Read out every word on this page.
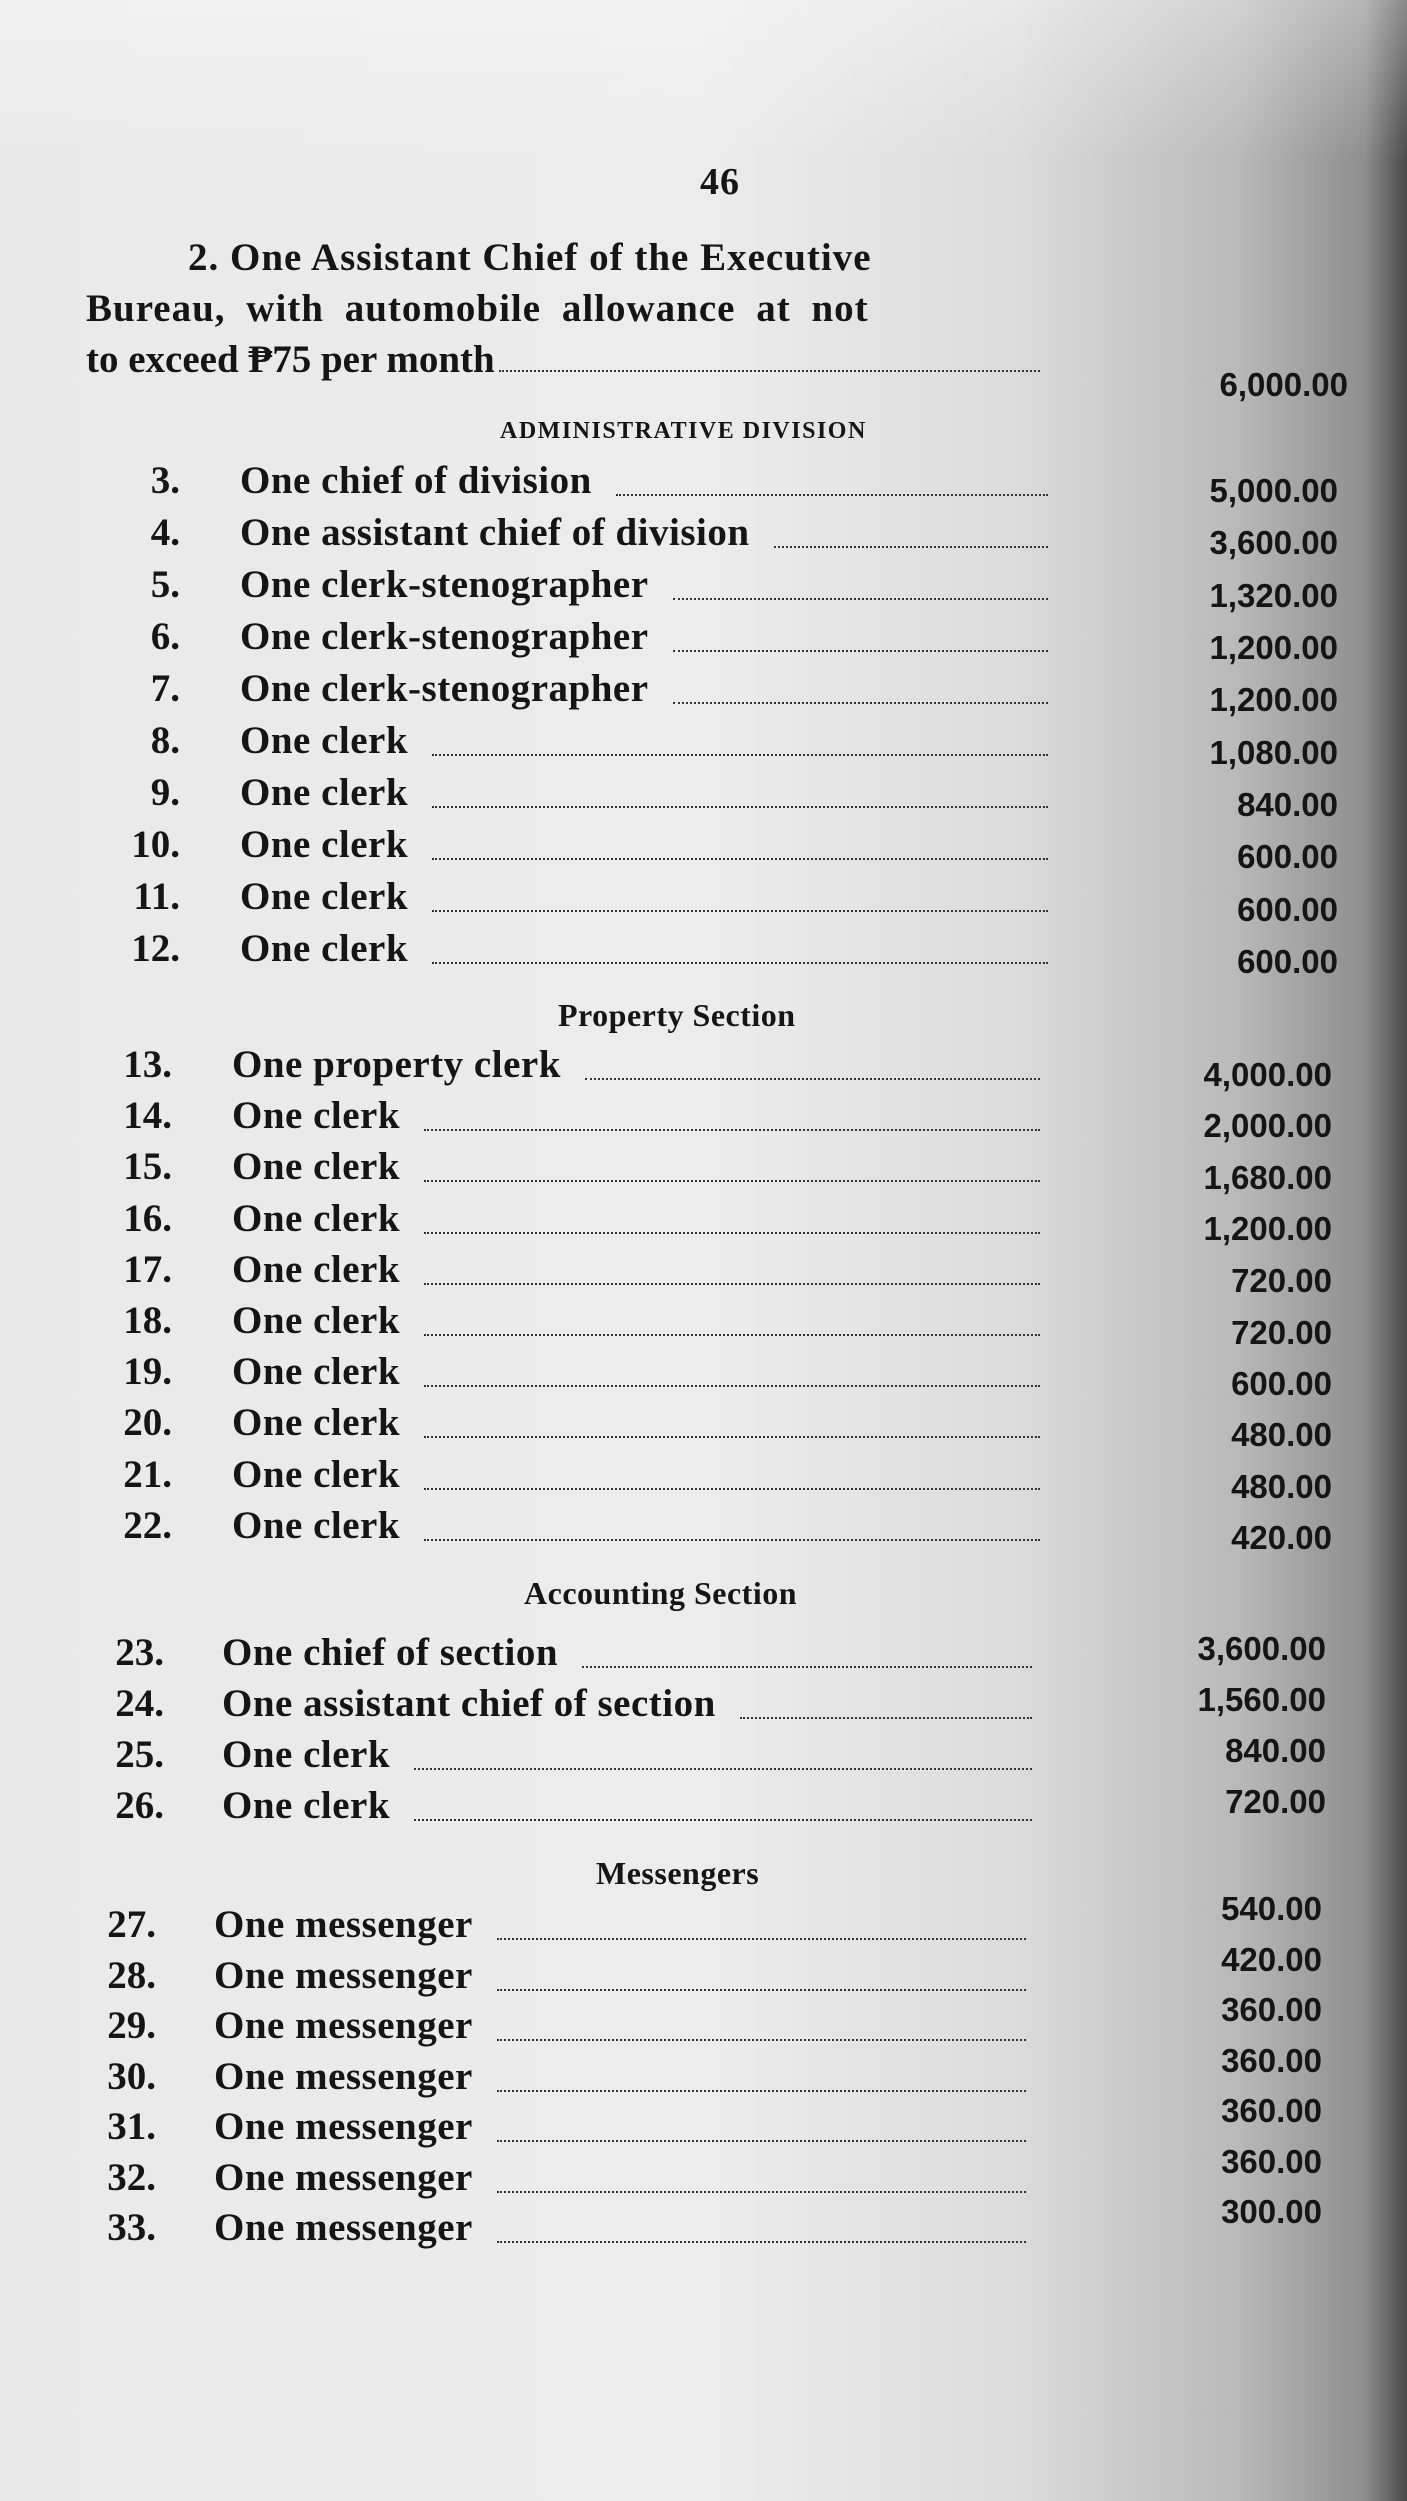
46
2. One Assistant Chief of the Executive
Bureau, with automobile allowance at not
to exceed ₱75 per month
6,000.00
ADMINISTRATIVE DIVISION
3. One chief of division	5,000.00
4. One assistant chief of division	3,600.00
5. One clerk-stenographer	1,320.00
6. One clerk-stenographer	1,200.00
7. One clerk-stenographer	1,200.00
8. One clerk	1,080.00
9. One clerk	840.00
10. One clerk	600.00
11. One clerk	600.00
12. One clerk	600.00
Property Section
13. One property clerk	4,000.00
14. One clerk	2,000.00
15. One clerk	1,680.00
16. One clerk	1,200.00
17. One clerk	720.00
18. One clerk	720.00
19. One clerk	600.00
20. One clerk	480.00
21. One clerk	480.00
22. One clerk	420.00
Accounting Section
23. One chief of section	3,600.00
24. One assistant chief of section	1,560.00
25. One clerk	840.00
26. One clerk	720.00
Messengers
27. One messenger	540.00
28. One messenger	420.00
29. One messenger	360.00
30. One messenger	360.00
31. One messenger	360.00
32. One messenger	360.00
33. One messenger	300.00
